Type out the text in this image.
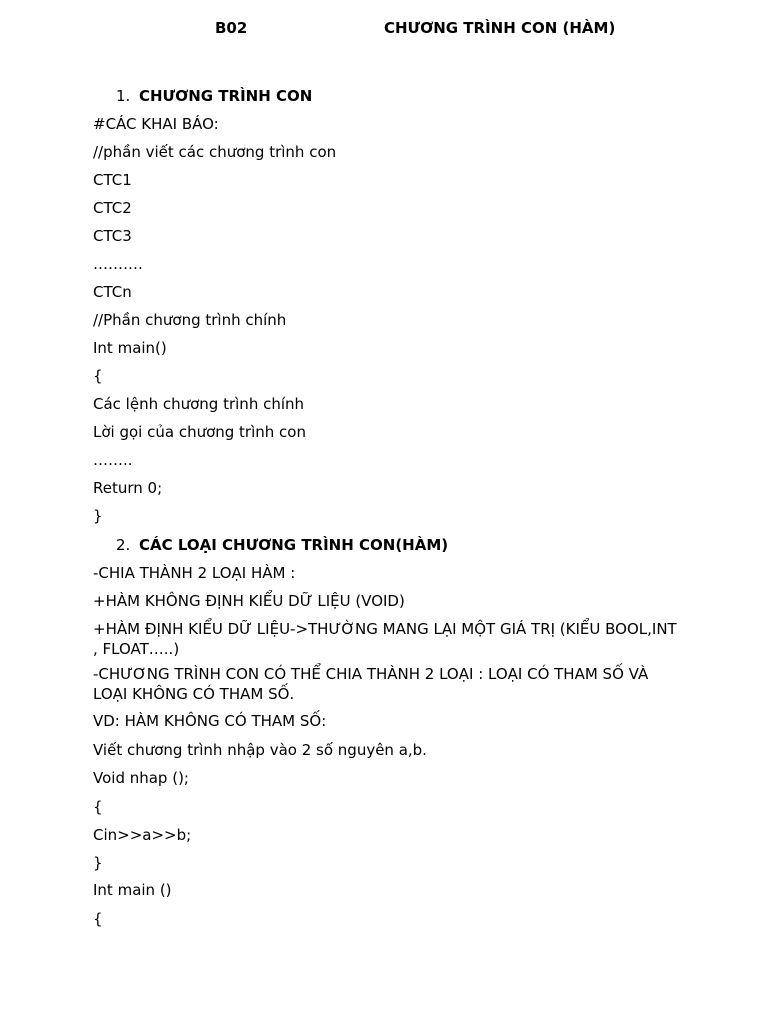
B02	CHƯƠNG TRÌNH CON (HÀM)
1. CHƯƠNG TRÌNH CON
#CÁC KHAI BÁO:
//phần viết các chương trình con
CTC1
CTC2
CTC3
……….
CTCn
//Phần chương trình chính
Int main()
{
Các lệnh chương trình chính
Lời gọi của chương trình con
……..
Return 0;
}
2. CÁC LOẠI CHƯƠNG TRÌNH CON(HÀM)
-CHIA THÀNH 2 LOẠI HÀM :
+HÀM KHÔNG ĐỊNH KIỂU DỮ LIỆU (VOID)
+HÀM ĐỊNH KIỂU DỮ LIỆU->THƯỜNG MANG LẠI MỘT GIÁ TRỊ (KIỂU BOOL,INT , FLOAT…..)
-CHƯƠNG TRÌNH CON CÓ THỂ CHIA THÀNH 2 LOẠI : LOẠI CÓ THAM SỐ VÀ LOẠI KHÔNG CÓ THAM SỐ.
VD: HÀM KHÔNG CÓ THAM SỐ:
Viết chương trình nhập vào 2 số nguyên a,b.
Void nhap ();
{
Cin>>a>>b;
}
Int main ()
{
